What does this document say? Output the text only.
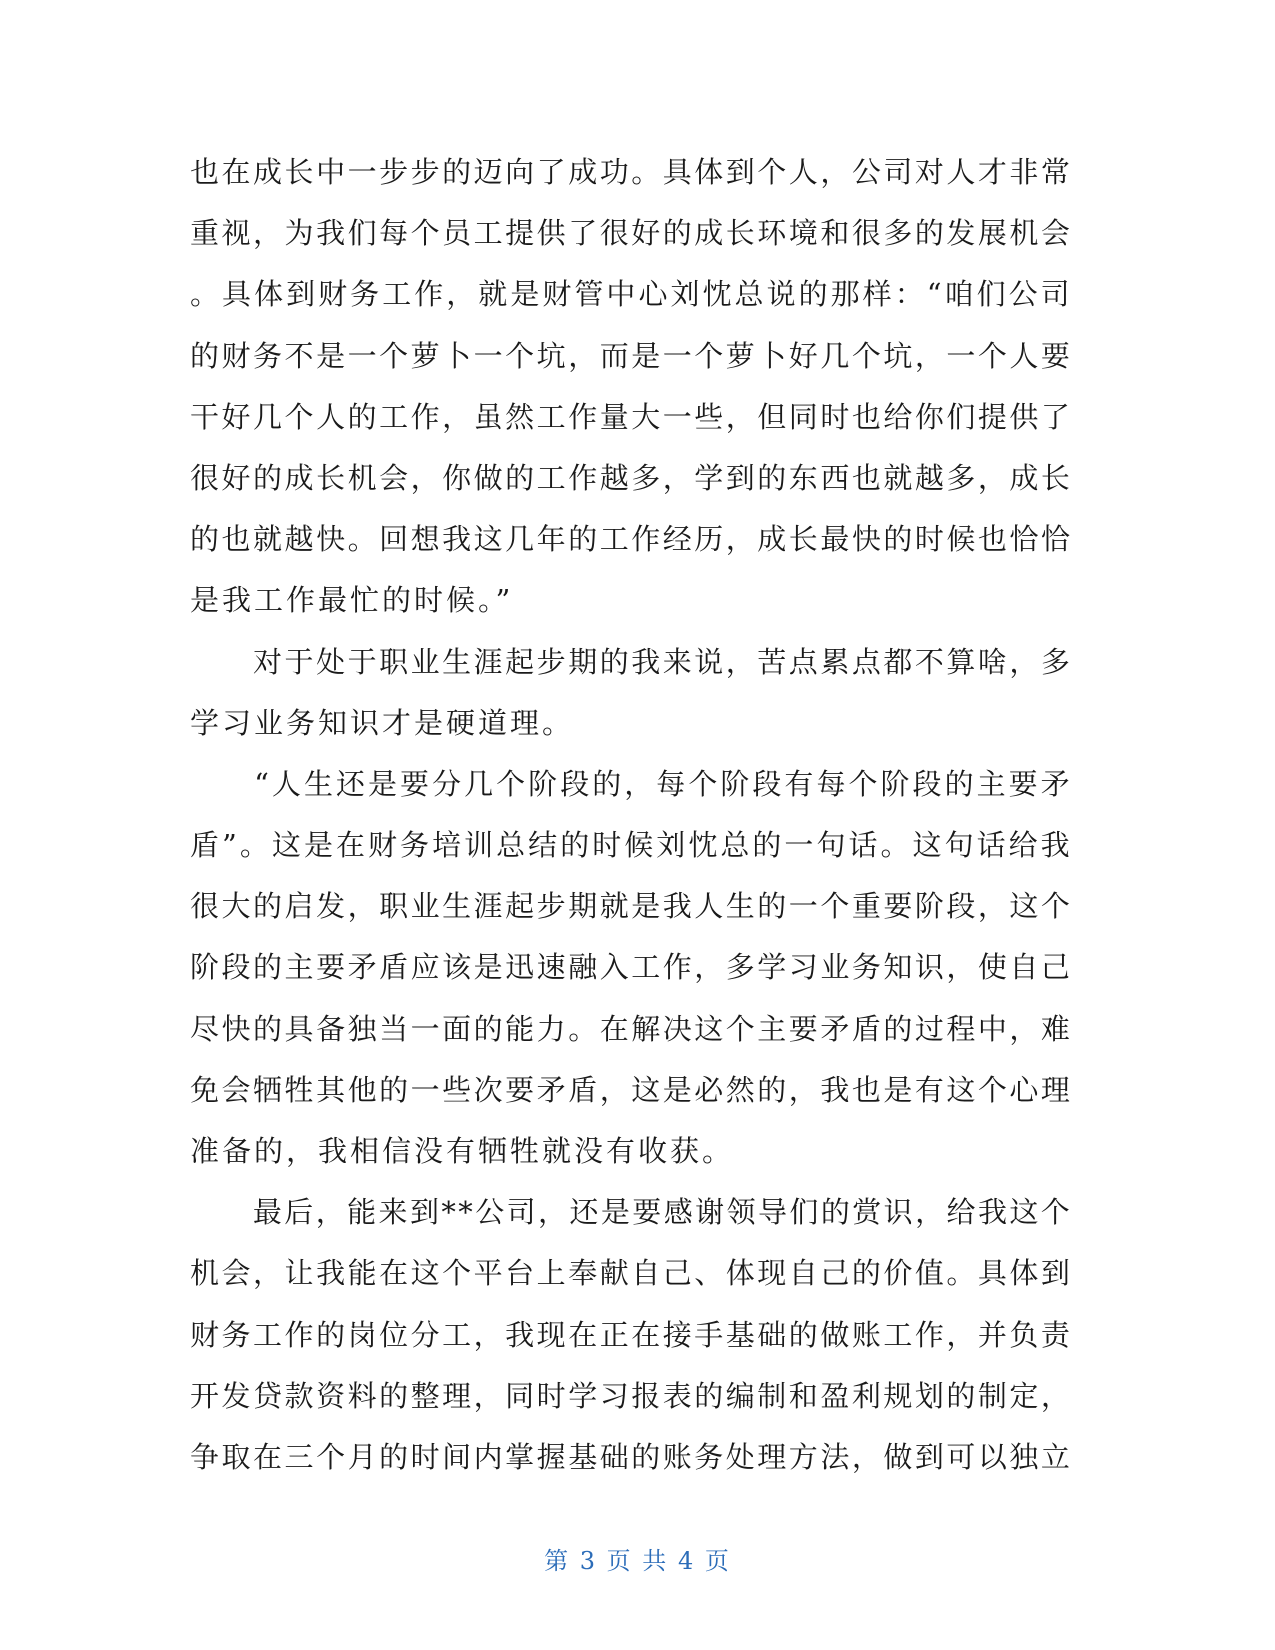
也 在 成 长 中 一 步 步 的 迈 向 了 成 功 。 具 体 到 个 人 ， 公 司 对 人 才 非 常
重 视 ， 为 我 们 每 个 员 工 提 供 了 很 好 的 成 长 环 境 和 很 多 的 发 展 机 会
。 具 体 到 财 务 工 作 ， 就 是 财 管 中 心 刘 忱 总 说 的 那 样 ： “ 咱 们 公 司
的 财 务 不 是 一 个 萝 卜 一 个 坑 ， 而 是 一 个 萝 卜 好 几 个 坑 ， 一 个 人 要
干 好 几 个 人 的 工 作 ， 虽 然 工 作 量 大 一 些 ， 但 同 时 也 给 你 们 提 供 了
很 好 的 成 长 机 会 ， 你 做 的 工 作 越 多 ， 学 到 的 东 西 也 就 越 多 ， 成 长
的 也 就 越 快 。 回 想 我 这 几 年 的 工 作 经 历 ， 成 长 最 快 的 时 候 也 恰 恰
是我工作最忙的时候。”

对 于 处 于 职 业 生 涯 起 步 期 的 我 来 说 ， 苦 点 累 点 都 不 算 啥 ， 多
学习业务知识才是硬道理。

“ 人 生 还 是 要 分 几 个 阶 段 的 ， 每 个 阶 段 有 每 个 阶 段 的 主 要 矛
盾 ” 。 这 是 在 财 务 培 训 总 结 的 时 候 刘 忱 总 的 一 句 话 。 这 句 话 给 我
很 大 的 启 发 ， 职 业 生 涯 起 步 期 就 是 我 人 生 的 一 个 重 要 阶 段 ， 这 个
阶 段 的 主 要 矛 盾 应 该 是 迅 速 融 入 工 作 ， 多 学 习 业 务 知 识 ， 使 自 己
尽 快 的 具 备 独 当 一 面 的 能 力 。 在 解 决 这 个 主 要 矛 盾 的 过 程 中 ， 难
免 会 牺 牲 其 他 的 一 些 次 要 矛 盾 ， 这 是 必 然 的 ， 我 也 是 有 这 个 心 理
准备的，我相信没有牺牲就没有收获。

最 后 ， 能 来 到 * * 公 司 ， 还 是 要 感 谢 领 导 们 的 赏 识 ， 给 我 这 个
机 会 ， 让 我 能 在 这 个 平 台 上 奉 献 自 己 、 体 现 自 己 的 价 值 。 具 体 到
财 务 工 作 的 岗 位 分 工 ， 我 现 在 正 在 接 手 基 础 的 做 账 工 作 ， 并 负 责
开 发 贷 款 资 料 的 整 理 ， 同 时 学 习 报 表 的 编 制 和 盈 利 规 划 的 制 定 ，
争 取 在 三 个 月 的 时 间 内 掌 握 基 础 的 账 务 处 理 方 法 ， 做 到 可 以 独 立
第 3 页 共 4 页
